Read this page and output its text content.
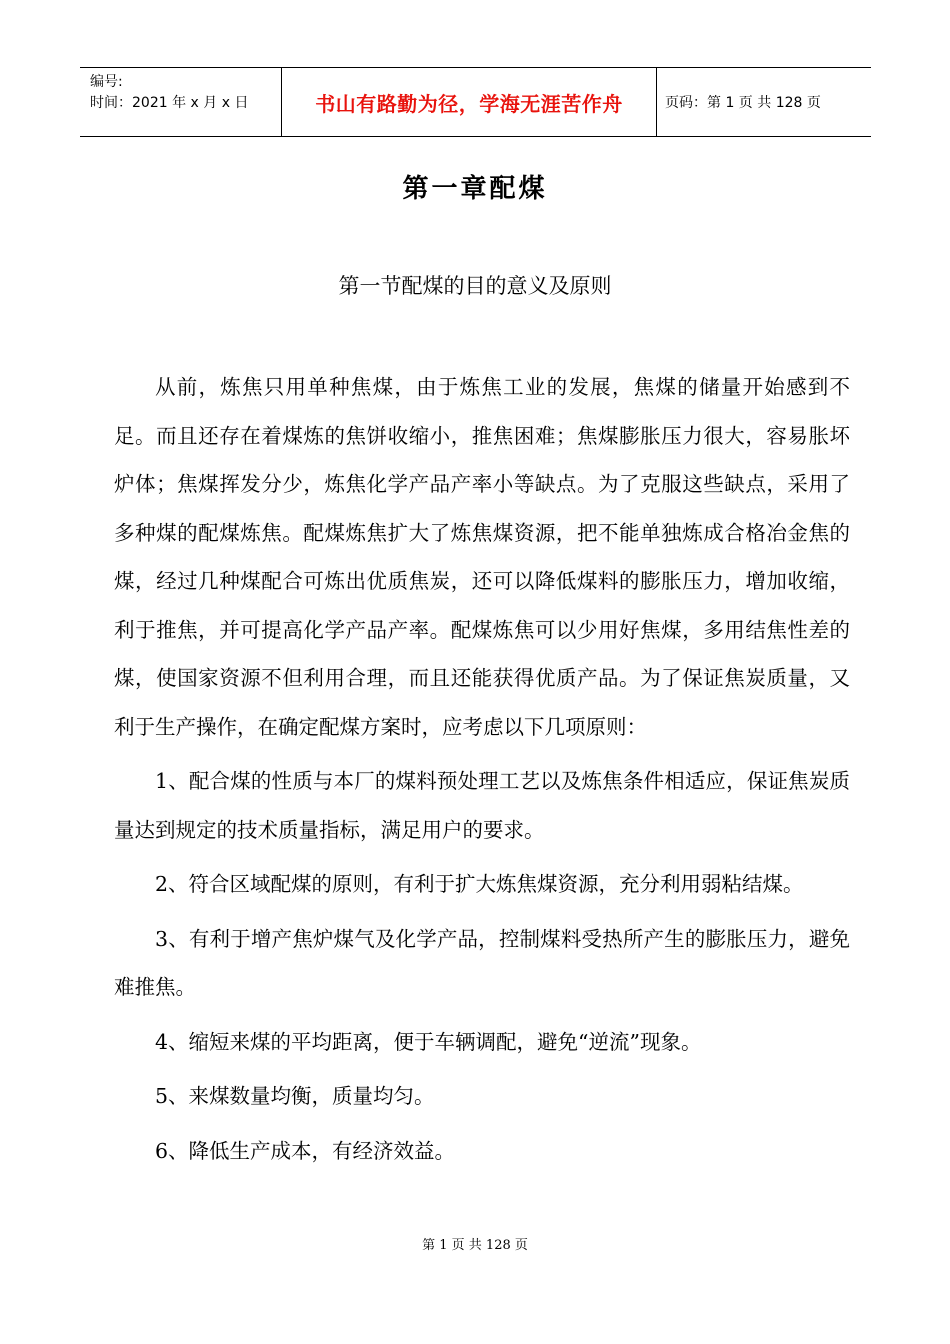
编号:
时间：2021 年 x 月 x 日	书山有路勤为径，学海无涯苦作舟	页码：第 1 页 共 128 页
第一章配煤
第一节配煤的目的意义及原则

从前，炼焦只用单种焦煤，由于炼焦工业的发展，焦煤的储量开始感到不足。而且还存在着煤炼的焦饼收缩小，推焦困难；焦煤膨胀压力很大，容易胀坏炉体；焦煤挥发分少，炼焦化学产品产率小等缺点。为了克服这些缺点，采用了多种煤的配煤炼焦。配煤炼焦扩大了炼焦煤资源，把不能单独炼成合格冶金焦的煤，经过几种煤配合可炼出优质焦炭，还可以降低煤料的膨胀压力，增加收缩，利于推焦，并可提高化学产品产率。配煤炼焦可以少用好焦煤，多用结焦性差的煤，使国家资源不但利用合理，而且还能获得优质产品。为了保证焦炭质量，又利于生产操作，在确定配煤方案时，应考虑以下几项原则：

1、配合煤的性质与本厂的煤料预处理工艺以及炼焦条件相适应，保证焦炭质量达到规定的技术质量指标，满足用户的要求。

2、符合区域配煤的原则，有利于扩大炼焦煤资源，充分利用弱粘结煤。

3、有利于增产焦炉煤气及化学产品，控制煤料受热所产生的膨胀压力，避免难推焦。

4、缩短来煤的平均距离，便于车辆调配，避免“逆流”现象。

5、来煤数量均衡，质量均匀。

6、降低生产成本，有经济效益。

第 1 页 共 128 页
